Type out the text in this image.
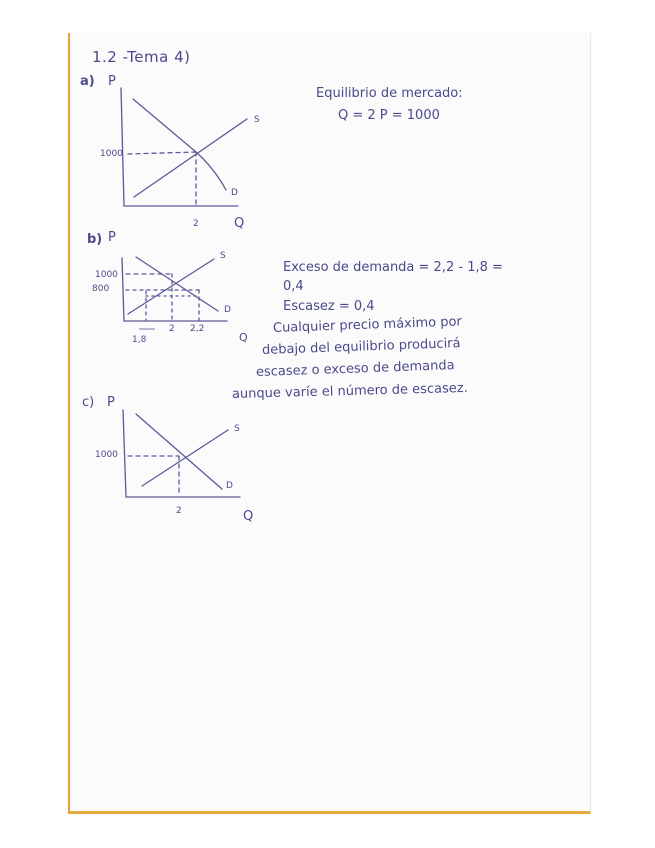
1.2 -Tema 4)
a) P
1000
2	Q
S
D
Equilibrio de mercado:
Q = 2 P = 1000
b) P
1000
800
1,8
2 2,2
Q
S
D
Exceso de demanda = 2,2 - 1,8 =
0,4
Escasez = 0,4
Cualquier precio máximo por
debajo del equilibrio producirá
escasez o exceso de demanda
aunque varíe el número de escasez.
c) P
1000
2	Q
S
D
